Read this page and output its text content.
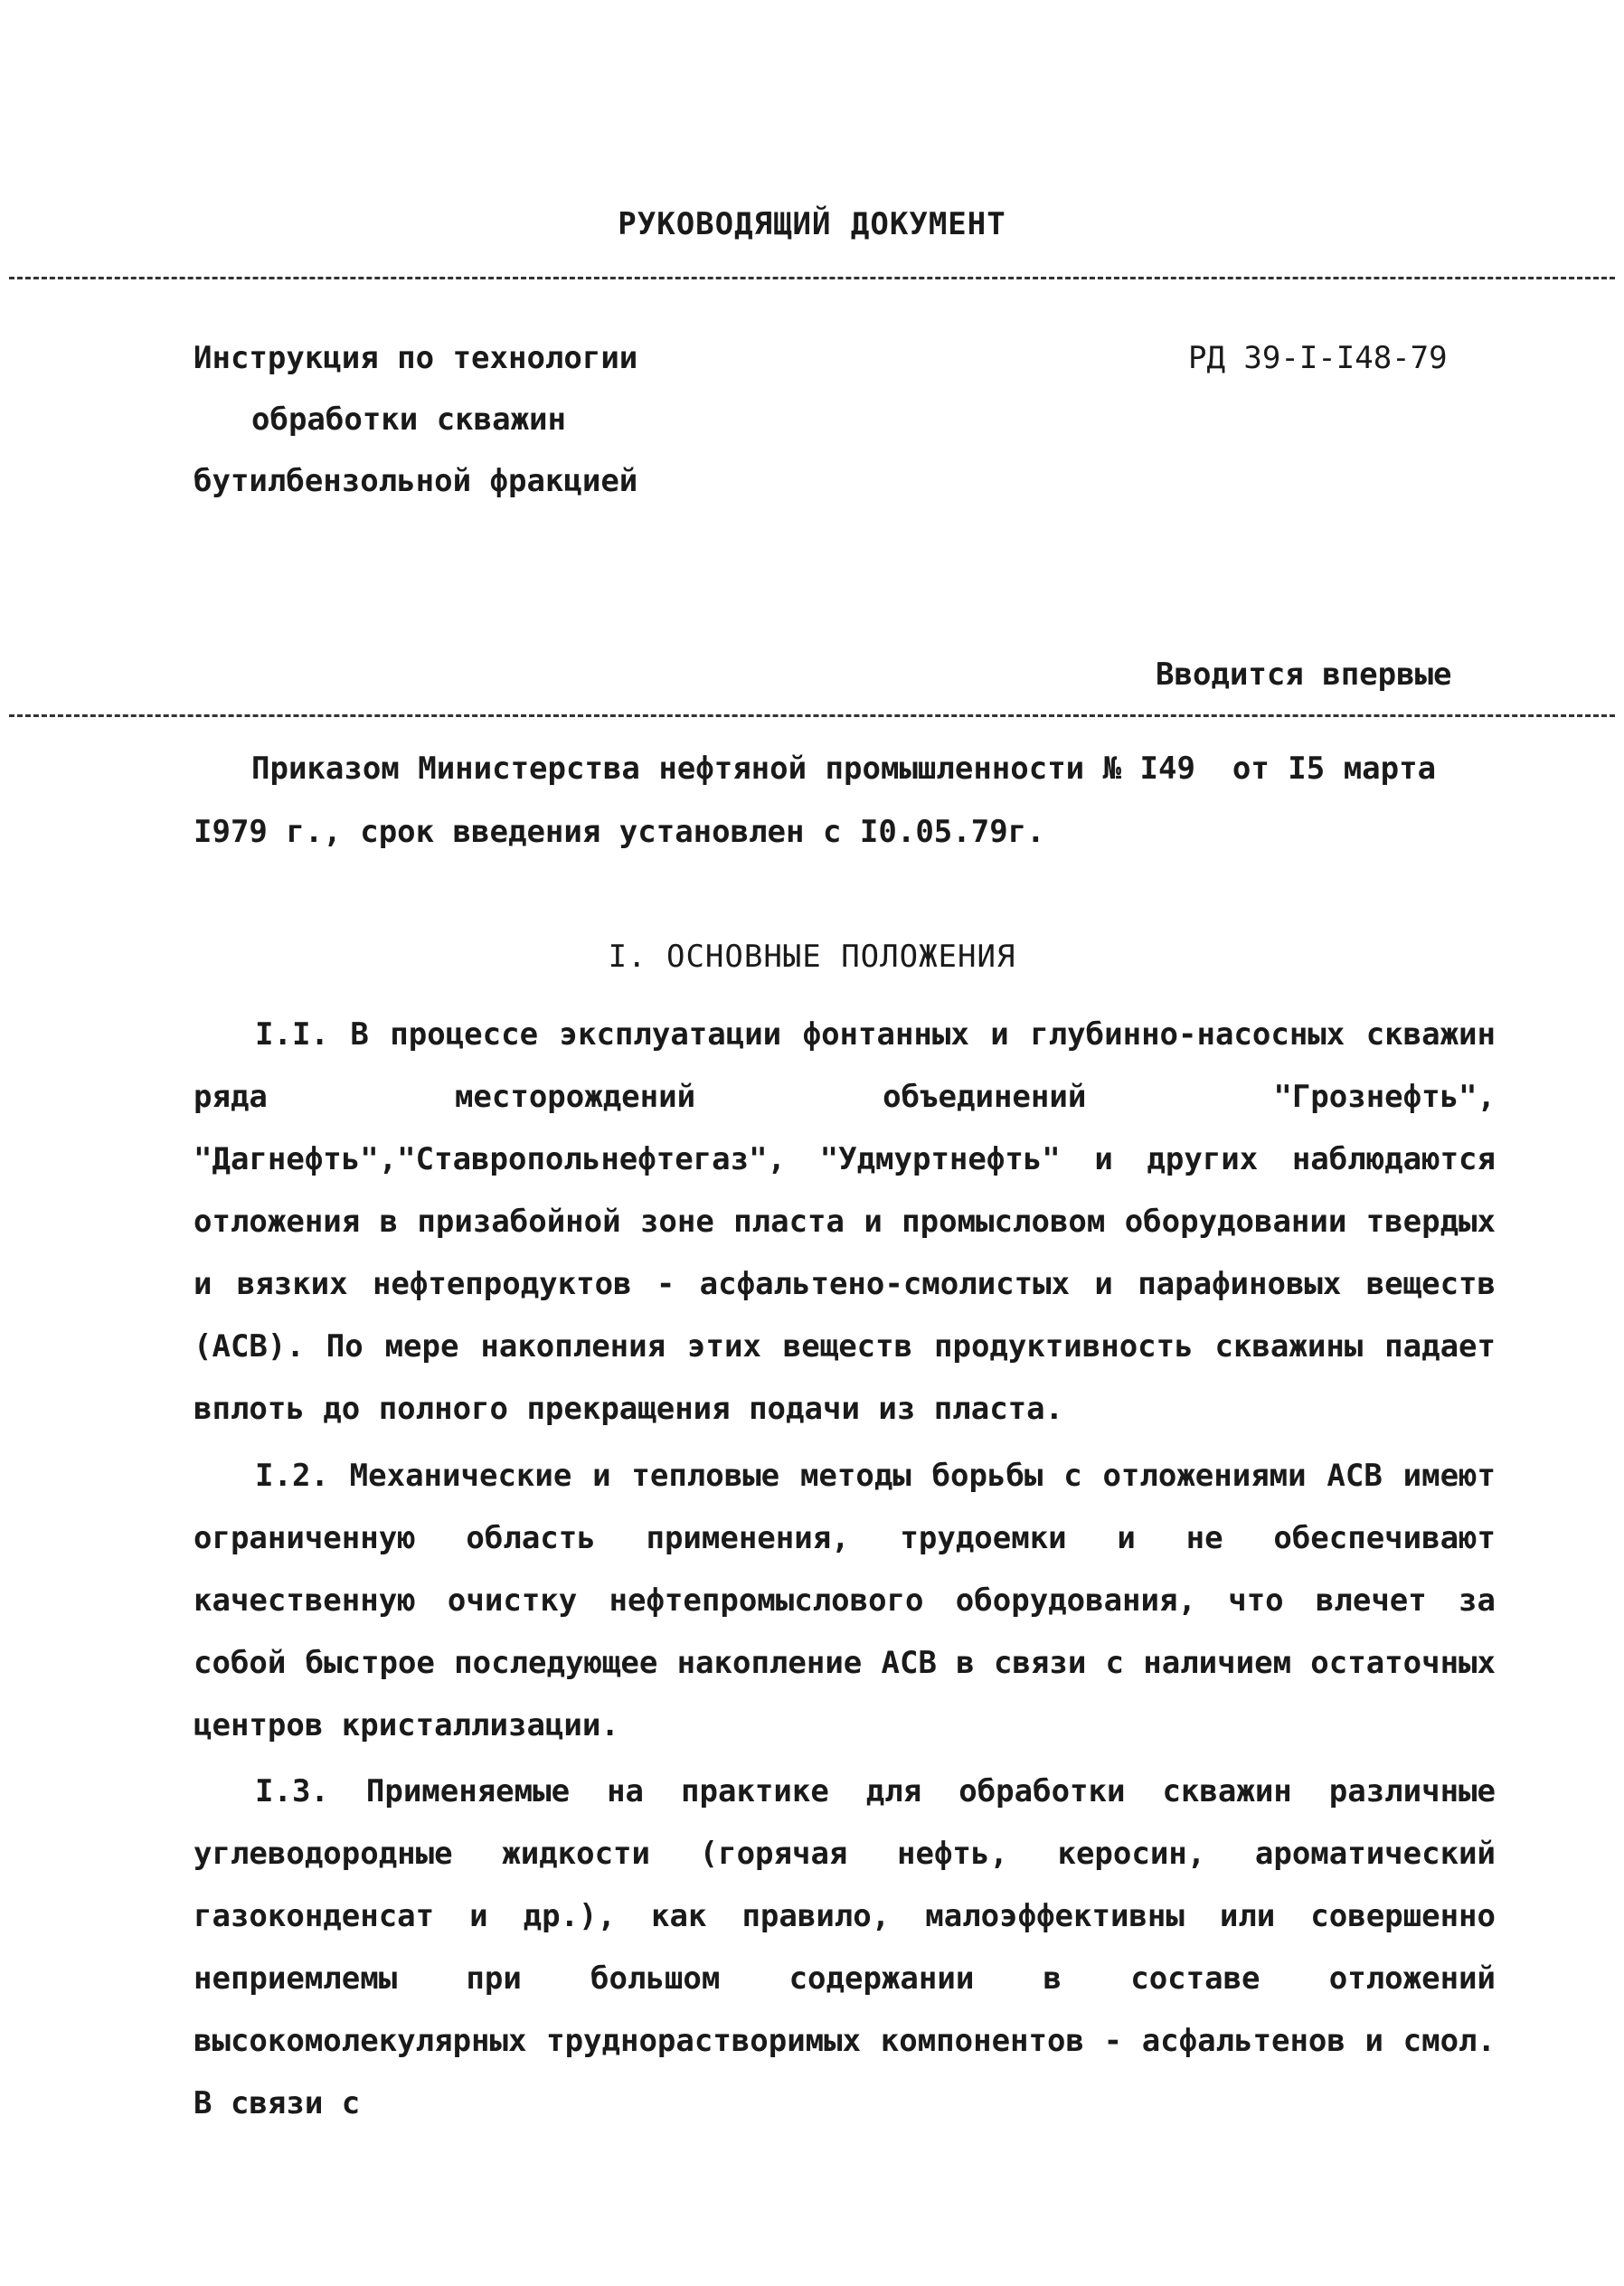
РУКОВОДЯЩИЙ ДОКУМЕНТ
Инструкция по технологии
обработки скважин
бутилбензольной фракцией
РД 39-I-I48-79
Вводится впервые
Приказом Министерства нефтяной промышленности № I49  от I5 марта
I979 г., срок введения установлен с I0.05.79г.
I. ОСНОВНЫЕ ПОЛОЖЕНИЯ
I.I. В процессе эксплуатации фонтанных и глубинно-насосных скважин ряда месторождений объединений "Грознефть", "Дагнефть","Ставропольнефтегаз", "Удмуртнефть" и других наблюдаются отложения в призабойной зоне пласта и промысловом оборудовании твердых и вязких нефтепродуктов - асфальтено-смолистых и парафиновых веществ (АСВ). По мере накопления этих веществ продуктивность скважины падает вплоть до полного прекращения подачи из пласта.
I.2. Механические и тепловые методы борьбы с отложениями АСВ имеют ограниченную область применения, трудоемки и не обеспечивают качественную очистку нефтепромыслового оборудования, что влечет за собой быстрое последующее накопление АСВ в связи с наличием остаточных центров кристаллизации.
I.3. Применяемые на практике для обработки скважин различные углеводородные жидкости (горячая нефть, керосин, ароматический газоконденсат и др.), как правило, малоэффективны или совершенно неприемлемы при большом содержании в составе отложений высокомолекулярных труднорастворимых компонентов - асфальтенов и смол. В связи с
